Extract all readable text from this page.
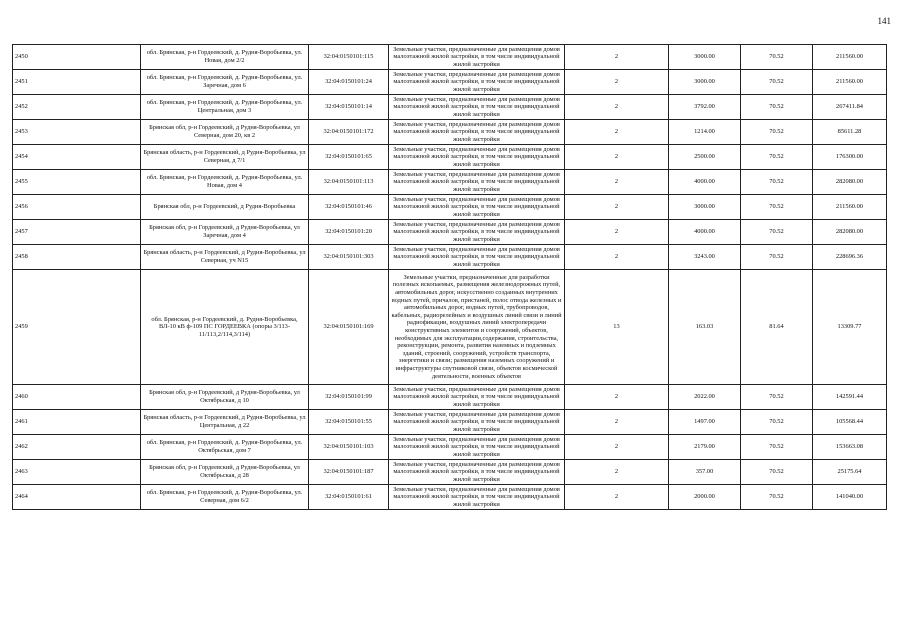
141
2450	обл. Брянская, р-н Гордеевский, д. Рудня-Воробьевка, ул. Новая, дом 2/2	32:04:0150101:115	Земельные участки, предназначенные для размещения домов малоэтажной жилой застройки, в том числе индивидуальной жилой застройки	2	3000.00	70.52	211560.00
2451	обл. Брянская, р-н Гордеевский, д. Рудня-Воробьевка, ул. Заречная, дом 6	32:04:0150101:24	Земельные участки, предназначенные для размещения домов малоэтажной жилой застройки, в том числе индивидуальной жилой застройки	2	3000.00	70.52	211560.00
2452	обл. Брянская, р-н Гордеевский, д. Рудня-Воробьевка, ул. Центральная, дом 3	32:04:0150101:14	Земельные участки, предназначенные для размещения домов малоэтажной жилой застройки, в том числе индивидуальной жилой застройки	2	3792.00	70.52	267411.84
2453	Брянская обл, р-н Гордеевский, д Рудня-Воробьевка, ул Северная, дом 20, кв 2	32:04:0150101:172	Земельные участки, предназначенные для размещения домов малоэтажной жилой застройки, в том числе индивидуальной жилой застройки	2	1214.00	70.52	85611.28
2454	Брянская область, р-н Гордеевский, д Рудня-Воробьевка, ул Северная, д 7/1	32:04:0150101:65	Земельные участки, предназначенные для размещения домов малоэтажной жилой застройки, в том числе индивидуальной жилой застройки	2	2500.00	70.52	176300.00
2455	обл. Брянская, р-н Гордеевский, д. Рудня-Воробьевка, ул. Новая, дом 4	32:04:0150101:113	Земельные участки, предназначенные для размещения домов малоэтажной жилой застройки, в том числе индивидуальной жилой застройки	2	4000.00	70.52	282080.00
2456	Брянская обл, р-н Гордеевский, д Рудня-Воробьевка	32:04:0150101:46	Земельные участки, предназначенные для размещения домов малоэтажной жилой застройки, в том числе индивидуальной жилой застройки	2	3000.00	70.52	211560.00
2457	Брянская обл, р-н Гордеевский, д Рудня-Воробьевка, ул Заречная, дом 4	32:04:0150101:20	Земельные участки, предназначенные для размещения домов малоэтажной жилой застройки, в том числе индивидуальной жилой застройки	2	4000.00	70.52	282080.00
2458	Брянская область, р-н Гордеевский, д Рудня-Воробьевка, ул Северная, уч N15	32:04:0150101:303	Земельные участки, предназначенные для размещения домов малоэтажной жилой застройки, в том числе индивидуальной жилой застройки	2	3243.00	70.52	228696.36
2459	обл. Брянская, р-н Гордеевский, д. Рудня-Воробьевка, ВЛ-10 кВ ф-109 ПС ГОРДЕЕВКА (опоры 3/113-11/113,2/114,3/114)	32:04:0150101:169	Земельные участки, предназначенные для разработки полезных ископаемых, размещения железнодорожных путей, автомобильных дорог, искусственно созданных внутренних водных путей, причалов, пристаней, полос отвода железных и автомобильных дорог, водных путей, трубопроводов, кабельных, радиорелейных и воздушных линий связи и линий радиофикации, воздушных линий электропередачи конструктивных элементов и сооружений, объектов, необходимых для эксплуатации,содержания, строительства, реконструкции, ремонта, развития наземных и подземных зданий, строений, сооружений, устройств транспорта, энергетики и связи; размещения наземных сооружений и инфраструктуры спутниковой связи, объектов космической деятельности, военных объектов	13	163.03	81.64	13309.77
2460	Брянская обл, р-н Гордеевский, д Рудня-Воробьевка, ул Октябрьская, д 10	32:04:0150101:99	Земельные участки, предназначенные для размещения домов малоэтажной жилой застройки, в том числе индивидуальной жилой застройки	2	2022.00	70.52	142591.44
2461	Брянская область, р-н Гордеевский, д Рудня-Воробьевка, ул Центральная, д 22	32:04:0150101:55	Земельные участки, предназначенные для размещения домов малоэтажной жилой застройки, в том числе индивидуальной жилой застройки	2	1497.00	70.52	105568.44
2462	обл. Брянская, р-н Гордеевский, д. Рудня-Воробьевка, ул. Октябрьская, дом 7	32:04:0150101:103	Земельные участки, предназначенные для размещения домов малоэтажной жилой застройки, в том числе индивидуальной жилой застройки	2	2179.00	70.52	153663.08
2463	Брянская обл, р-н Гордеевский, д Рудня-Воробьевка, ул Октябрьская, д 28	32:04:0150101:187	Земельные участки, предназначенные для размещения домов малоэтажной жилой застройки, в том числе индивидуальной жилой застройки	2	357.00	70.52	25175.64
2464	обл. Брянская, р-н Гордеевский, д. Рудня-Воробьевка, ул. Северная, дом 6/2	32:04:0150101:61	Земельные участки, предназначенные для размещения домов малоэтажной жилой застройки, в том числе индивидуальной жилой застройки	2	2000.00	70.52	141040.00
